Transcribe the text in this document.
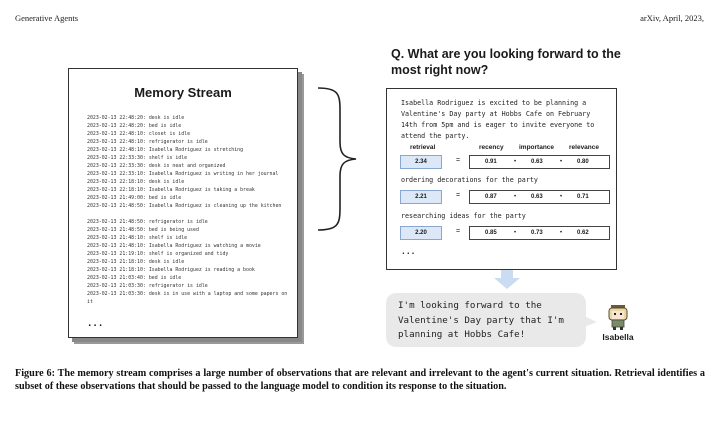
Generative Agents	arXiv, April, 2023,
Memory Stream
2023-02-13 22:48:20: desk is idle
2023-02-13 22:48:20: bed is idle
2023-02-13 22:48:10: closet is idle
2023-02-13 22:48:10: refrigerator is idle
2023-02-13 22:48:10: Isabella Rodriguez is stretching
2023-02-13 22:33:30: shelf is idle
2023-02-13 22:33:30: desk is neat and organized
2023-02-13 22:33:10: Isabella Rodriguez is writing in her journal
2023-02-13 22:18:10: desk is idle
2023-02-13 22:18:10: Isabella Rodriguez is taking a break
2023-02-13 21:49:00: bed is idle
2023-02-13 21:48:50: Isabella Rodriguez is cleaning up the kitchen
2023-02-13 21:48:50: refrigerator is idle
2023-02-13 21:48:50: bed is being used
2023-02-13 21:48:10: shelf is idle
2023-02-13 21:48:10: Isabella Rodriguez is watching a movie
2023-02-13 21:19:10: shelf is organized and tidy
2023-02-13 21:18:10: desk is idle
2023-02-13 21:18:10: Isabella Rodriguez is reading a book
2023-02-13 21:03:40: bed is idle
2023-02-13 21:03:30: refrigerator is idle
2023-02-13 21:03:30: desk is in use with a laptop and some papers on it
...
Q. What are you looking forward to the most right now?
Isabella Rodriguez is excited to be planning a Valentine's Day party at Hobbs Cafe on February 14th from 5pm and is eager to invite everyone to attend the party.
retrieval	recency importance relevance
2.34	=	0.91	• 0.63	• 0.80
ordering decorations for the party
2.21	=	0.87	• 0.63	• 0.71
researching ideas for the party
2.20	=	0.85	• 0.73	• 0.62
...
I'm looking forward to the Valentine's Day party that I'm planning at Hobbs Cafe!	Isabella
Figure 6: The memory stream comprises a large number of observations that are relevant and irrelevant to the agent's current situation. Retrieval identifies a subset of these observations that should be passed to the language model to condition its response to the situation.
